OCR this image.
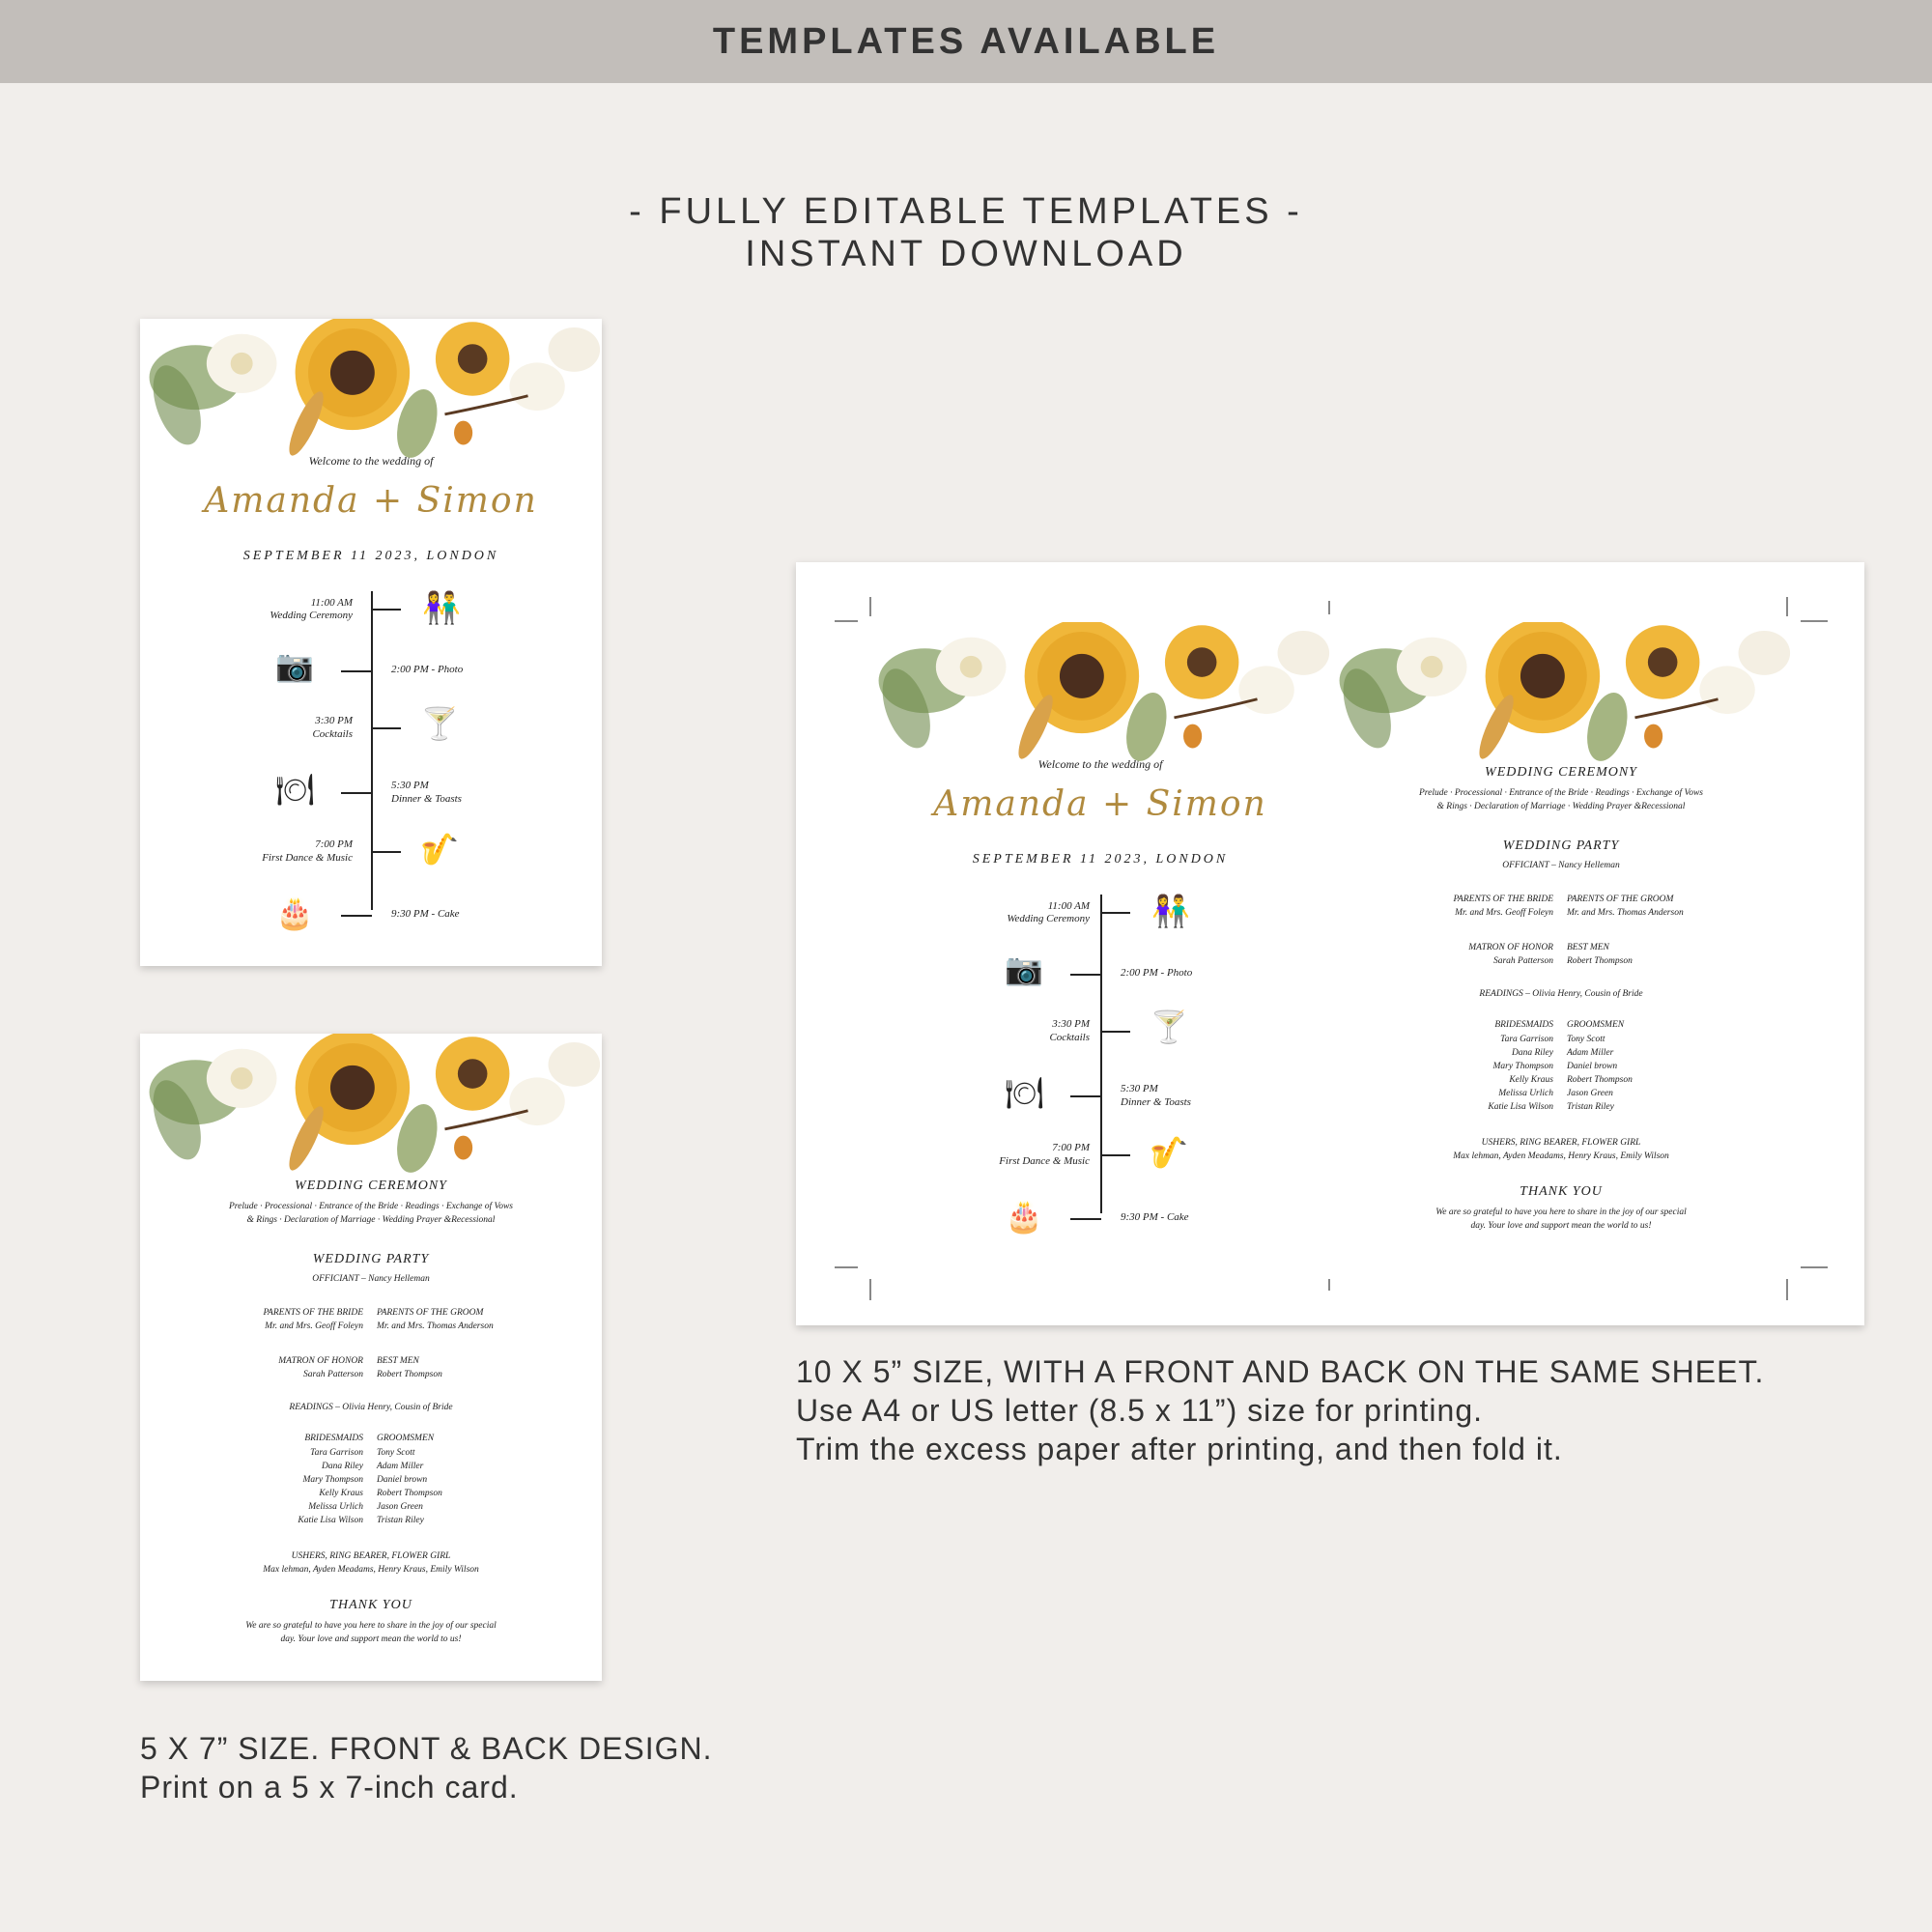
TEMPLATES AVAILABLE
- FULLY EDITABLE TEMPLATES -
INSTANT DOWNLOAD
Welcome to the wedding of
Amanda + Simon
SEPTEMBER 11 2023, LONDON
11:00 AM
Wedding Ceremony 👫
2:00 PM - Photo
📷
3:30 PM
Cocktails 🍸
5:30 PM
Dinner & Toasts
🍽
7:00 PM
First Dance & Music 🎷
9:30 PM - Cake
🎂
WEDDING CEREMONY
Prelude · Processional · Entrance of the Bride · Readings · Exchange of Vows
& Rings · Declaration of Marriage · Wedding Prayer &Recessional
WEDDING PARTY
OFFICIANT – Nancy Helleman
PARENTS OF THE BRIDE
Mr. and Mrs. Geoff Foleyn
PARENTS OF THE GROOM
Mr. and Mrs. Thomas Anderson
MATRON OF HONOR
Sarah Patterson
BEST MEN
Robert Thompson
READINGS – Olivia Henry, Cousin of Bride
BRIDESMAIDS GROOMSMEN
Tara Garrison
Dana Riley
Mary Thompson
Kelly Kraus
Melissa Urlich
Katie Lisa Wilson
Tony Scott
Adam Miller
Daniel brown
Robert Thompson
Jason Green
Tristan Riley
USHERS, RING BEARER, FLOWER GIRL
Max lehman, Ayden Meadams, Henry Kraus, Emily Wilson
THANK YOU
We are so grateful to have you here to share in the joy of our special
day. Your love and support mean the world to us!
5 X 7” SIZE. FRONT & BACK DESIGN.
Print on a 5 x 7-inch card.
Welcome to the wedding of
Amanda + Simon
SEPTEMBER 11 2023, LONDON
11:00 AM
Wedding Ceremony 👫
2:00 PM - Photo
📷
3:30 PM
Cocktails 🍸
5:30 PM
Dinner & Toasts
🍽
7:00 PM
First Dance & Music 🎷
9:30 PM - Cake
🎂
WEDDING CEREMONY
Prelude · Processional · Entrance of the Bride · Readings · Exchange of Vows
& Rings · Declaration of Marriage · Wedding Prayer &Recessional
WEDDING PARTY
OFFICIANT – Nancy Helleman
PARENTS OF THE BRIDE
Mr. and Mrs. Geoff Foleyn
PARENTS OF THE GROOM
Mr. and Mrs. Thomas Anderson
MATRON OF HONOR
Sarah Patterson
BEST MEN
Robert Thompson
READINGS – Olivia Henry, Cousin of Bride
BRIDESMAIDS GROOMSMEN
Tara Garrison
Dana Riley
Mary Thompson
Kelly Kraus
Melissa Urlich
Katie Lisa Wilson
Tony Scott
Adam Miller
Daniel brown
Robert Thompson
Jason Green
Tristan Riley
USHERS, RING BEARER, FLOWER GIRL
Max lehman, Ayden Meadams, Henry Kraus, Emily Wilson
THANK YOU
We are so grateful to have you here to share in the joy of our special
day. Your love and support mean the world to us!
10 X 5” SIZE, WITH A FRONT AND BACK ON THE SAME SHEET.
Use A4 or US letter (8.5 x 11”) size for printing.
Trim the excess paper after printing, and then fold it.
